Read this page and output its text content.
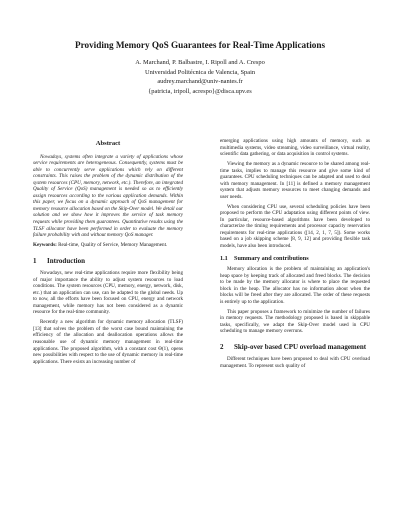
Providing Memory QoS Guarantees for Real-Time Applications
A. Marchand, P. Balbastre, I. Ripoll and A. Crespo
Universidad Politécnica de Valencia, Spain
audrey.marchand@univ-nantes.fr
{patricia, iripoll, acrespo}@disca.upv.es
Abstract

Nowadays, systems often integrate a variety of applications whose service requirements are heterogeneous. Consequently, systems must be able to concurrently serve applications which rely on different constraints. This raises the problem of the dynamic distribution of the system resources (CPU, memory, network, etc.). Therefore, an integrated Quality of Service (QoS) management is needed so as to efficiently assign resources according to the various application demands. Within this paper, we focus on a dynamic approach of QoS management for memory resource allocation based on the Skip-Over model. We detail our solution and we show how it improves the service of task memory requests while providing them guarantees. Quantitative results using the TLSF allocator have been performed in order to evaluate the memory failure probability with and without memory QoS manager.

Keywords: Real-time, Quality of Service, Memory Management.

1 Introduction

Nowadays, new real-time applications require more flexibility being of major importance the ability to adjust system resources to load conditions. The system resources (CPU, memory, energy, network, disk, etc.) that an application can use, can be adapted to the global needs. Up to now, all the efforts have been focused on CPU, energy and network management, while memory has not been considered as a dynamic resource for the real-time community.

Recently a new algorithm for dynamic memory allocation (TLSF) [13] that solves the problem of the worst case bound maintaining the efficiency of the allocation and deallocation operations allows the reasonable use of dynamic memory management in real-time applications. The proposed algorithm, with a constant cost Θ(1), opens new possibilities with respect to the use of dynamic memory in real-time applications. There exists an increasing number of

emerging applications using high amounts of memory, such as multimedia systems, video streaming, video surveillance, virtual reality, scientific data gathering, or data acquisition in control systems.

Viewing the memory as a dynamic resource to be shared among real-time tasks, implies to manage this resource and give some kind of guarantees. CPU scheduling techniques can be adapted and used to deal with memory management. In [11] is defined a memory management system that adjusts memory resources to meet changing demands and user needs.

When considering CPU use, several scheduling policies have been proposed to perform the CPU adaptation using different points of view. In particular, resource-based algorithms have been developed to characterize the timing requirements and processor capacity reservation requirements for real-time applications ([14, 2, 1, 7, 5]). Some works based on a job skipping scheme [8, 9, 12] and providing flexible task models, have also been introduced.

1.1 Summary and contributions

Memory allocation is the problem of maintaining an application's heap space by keeping track of allocated and freed blocks. The decision to be made by the memory allocator is where to place the requested block in the heap. The allocator has no information about when the blocks will be freed after they are allocated. The order of these requests is entirely up to the application.

This paper proposes a framework to minimize the number of failures in memory requests. The methodology proposed is based in skippable tasks, specifically, we adapt the Skip-Over model used in CPU scheduling to manage memory overruns.

2 Skip-over based CPU overload management

Different techniques have been proposed to deal with CPU overload management. To represent such quality of
